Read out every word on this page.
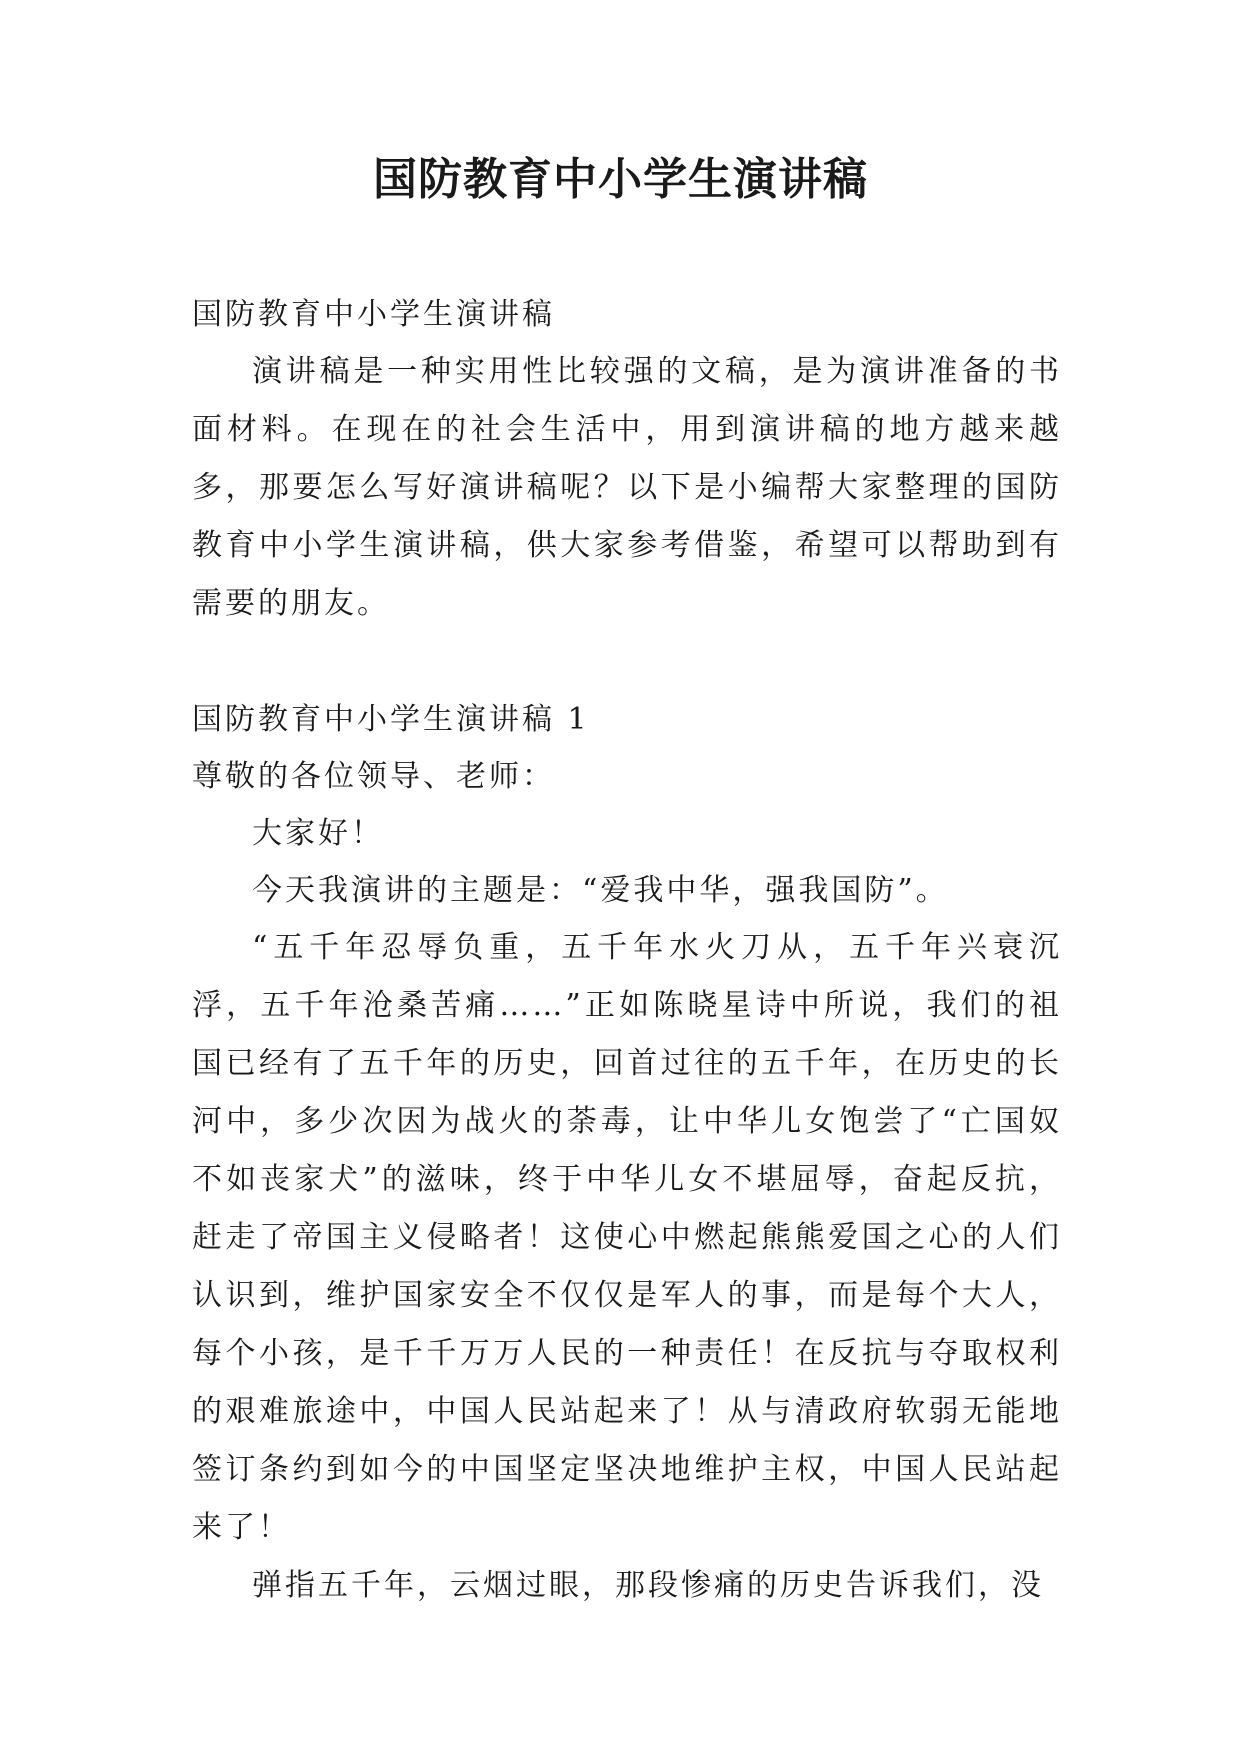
国防教育中小学生演讲稿

国防教育中小学生演讲稿

演讲稿是一种实用性比较强的文稿，是为演讲准备的书面材料。在现在的社会生活中，用到演讲稿的地方越来越多，那要怎么写好演讲稿呢？以下是小编帮大家整理的国防教育中小学生演讲稿，供大家参考借鉴，希望可以帮助到有需要的朋友。

国防教育中小学生演讲稿 1

尊敬的各位领导、老师：

大家好！

今天我演讲的主题是：“爱我中华，强我国防”。

“五千年忍辱负重，五千年水火刀从，五千年兴衰沉浮，五千年沧桑苦痛……”正如陈晓星诗中所说，我们的祖国已经有了五千年的历史，回首过往的五千年，在历史的长河中，多少次因为战火的荼毒，让中华儿女饱尝了“亡国奴不如丧家犬”的滋味，终于中华儿女不堪屈辱，奋起反抗，赶走了帝国主义侵略者！这使心中燃起熊熊爱国之心的人们认识到，维护国家安全不仅仅是军人的事，而是每个大人，每个小孩，是千千万万人民的一种责任！在反抗与夺取权利的艰难旅途中，中国人民站起来了！从与清政府软弱无能地签订条约到如今的中国坚定坚决地维护主权，中国人民站起来了！

弹指五千年，云烟过眼，那段惨痛的历史告诉我们，没
